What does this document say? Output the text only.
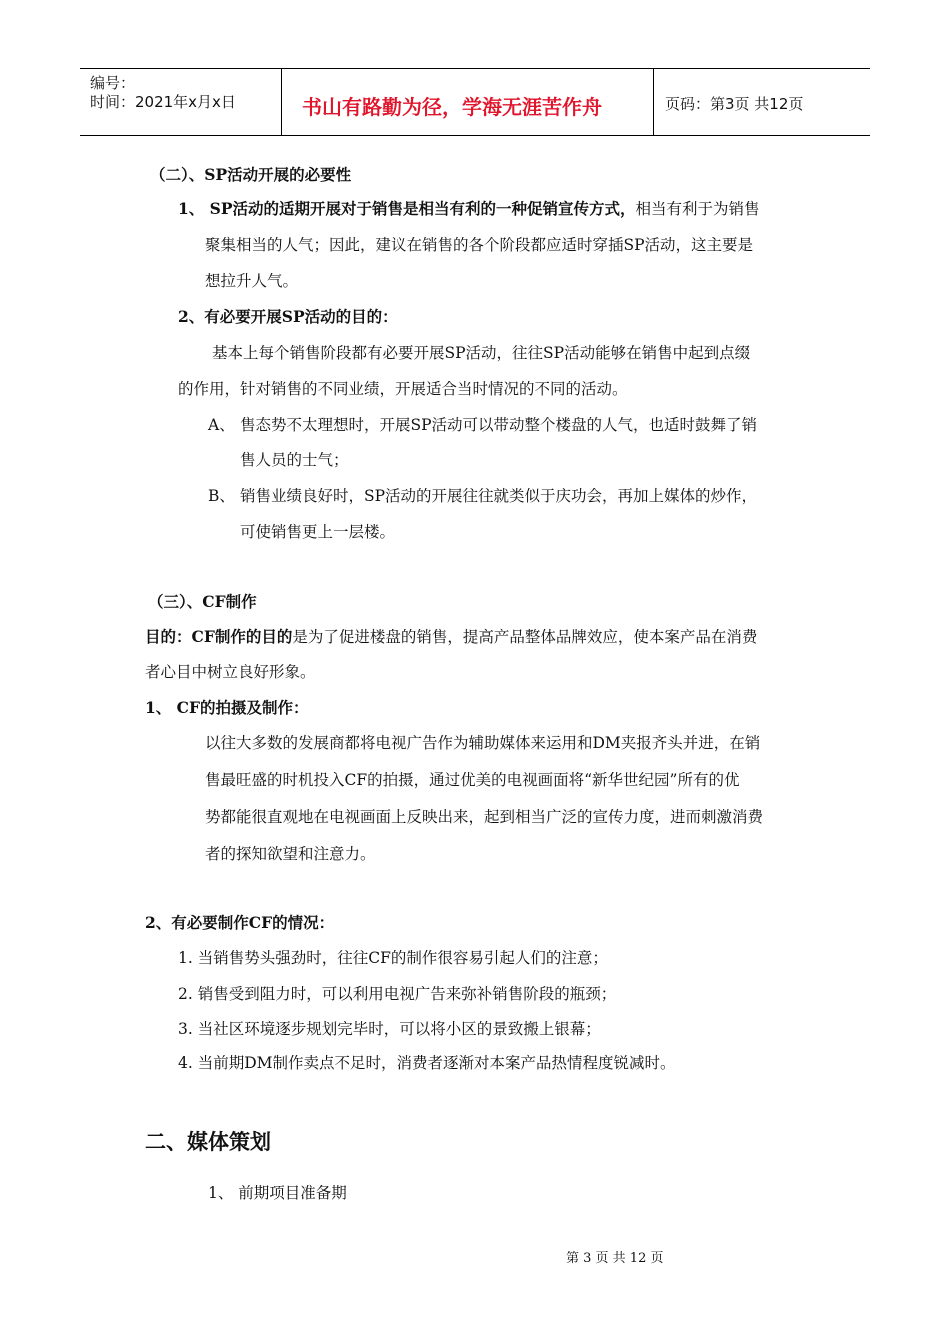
编号：
时间：2021年x月x日	书山有路勤为径，学海无涯苦作舟	页码：第3页 共12页
（二）、SP活动开展的必要性
1、 SP活动的适期开展对于销售是相当有利的一种促销宣传方式，相当有利于为销售
聚集相当的人气；因此，建议在销售的各个阶段都应适时穿插SP活动，这主要是
想拉升人气。
2、有必要开展SP活动的目的：
基本上每个销售阶段都有必要开展SP活动，往往SP活动能够在销售中起到点缀
的作用，针对销售的不同业绩，开展适合当时情况的不同的活动。
A、 售态势不太理想时，开展SP活动可以带动整个楼盘的人气，也适时鼓舞了销
售人员的士气；
B、 销售业绩良好时，SP活动的开展往往就类似于庆功会，再加上媒体的炒作，
可使销售更上一层楼。
（三）、CF制作
目的：CF制作的目的是为了促进楼盘的销售，提高产品整体品牌效应，使本案产品在消费
者心目中树立良好形象。
1、 CF的拍摄及制作：
以往大多数的发展商都将电视广告作为辅助媒体来运用和DM夹报齐头并进，在销
售最旺盛的时机投入CF的拍摄，通过优美的电视画面将“新华世纪园”所有的优
势都能很直观地在电视画面上反映出来，起到相当广泛的宣传力度，进而刺激消费
者的探知欲望和注意力。
2、有必要制作CF的情况：
1. 当销售势头强劲时，往往CF的制作很容易引起人们的注意；
2. 销售受到阻力时，可以利用电视广告来弥补销售阶段的瓶颈；
3. 当社区环境逐步规划完毕时，可以将小区的景致搬上银幕；
4. 当前期DM制作卖点不足时，消费者逐渐对本案产品热情程度锐减时。
二、媒体策划
1、 前期项目准备期
第 3 页 共 12 页
